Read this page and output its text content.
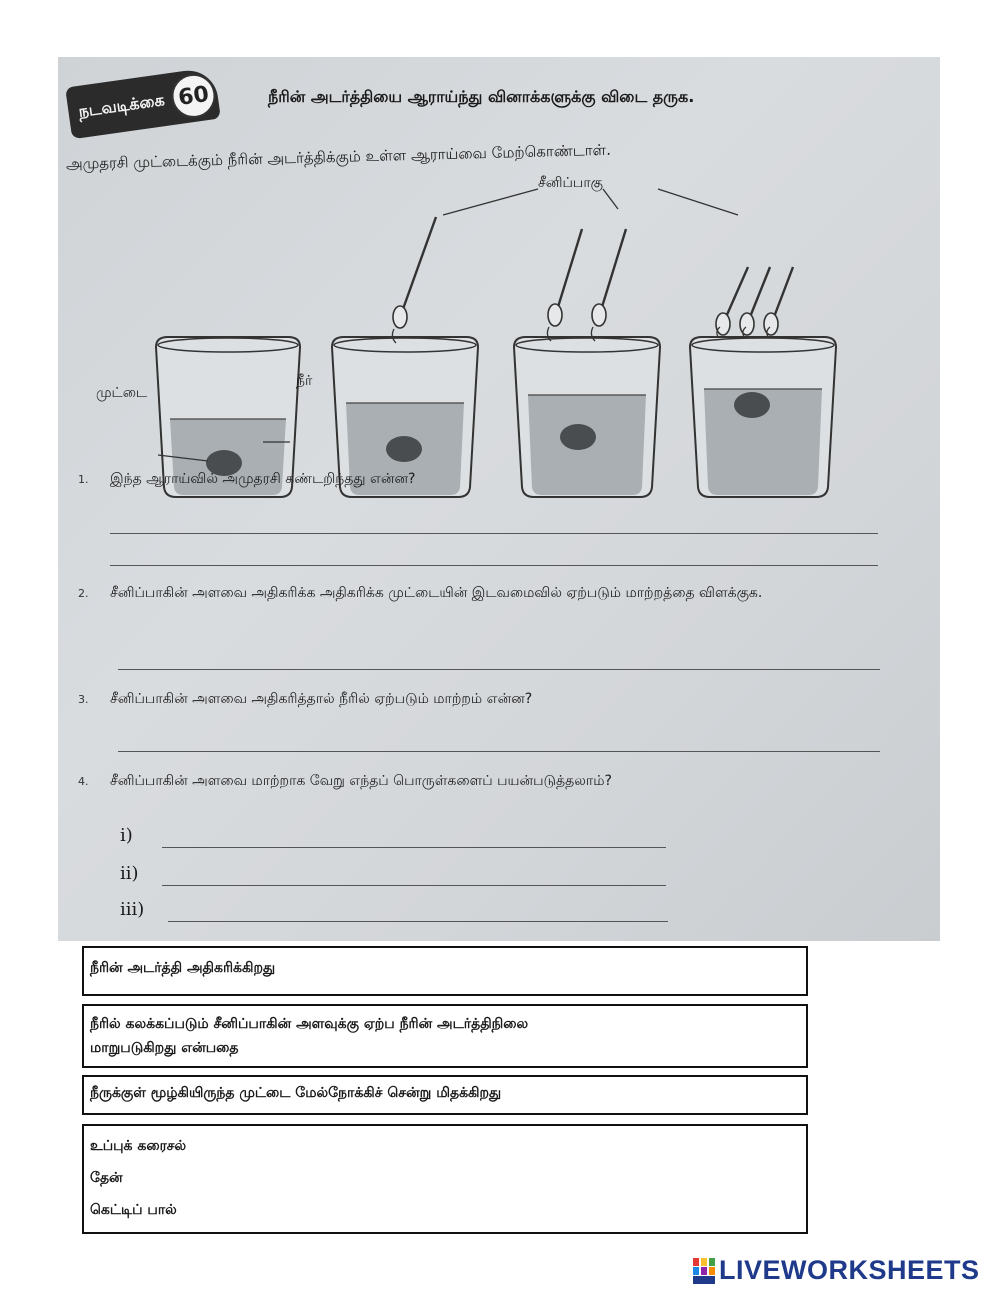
நடவடிக்கை 60	நீரின் அடர்த்தியை ஆராய்ந்து வினாக்களுக்கு விடை தருக.
அமுதரசி முட்டைக்கும் நீரின் அடர்த்திக்கும் உள்ள ஆராய்வை மேற்கொண்டாள்.
சீனிப்பாகு
முட்டை
நீர்
1. இந்த ஆராய்வில் அமுதரசி கண்டறிந்தது என்ன?
2. சீனிப்பாகின் அளவை அதிகரிக்க அதிகரிக்க முட்டையின் இடவமைவில் ஏற்படும் மாற்றத்தை விளக்குக.
3. சீனிப்பாகின் அளவை அதிகரித்தால் நீரில் ஏற்படும் மாற்றம் என்ன?
4. சீனிப்பாகின் அளவை மாற்றாக வேறு எந்தப் பொருள்களைப் பயன்படுத்தலாம்?
i)
ii)
iii)
நீரின் அடர்த்தி அதிகரிக்கிறது
நீரில் கலக்கப்படும் சீனிப்பாகின் அளவுக்கு ஏற்ப நீரின் அடர்த்திநிலை
மாறுபடுகிறது என்பதை
நீருக்குள் மூழ்கியிருந்த முட்டை மேல்நோக்கிச் சென்று மிதக்கிறது
உப்புக் கரைசல்
தேன்
கெட்டிப் பால்
LIVEWORKSHEETS
